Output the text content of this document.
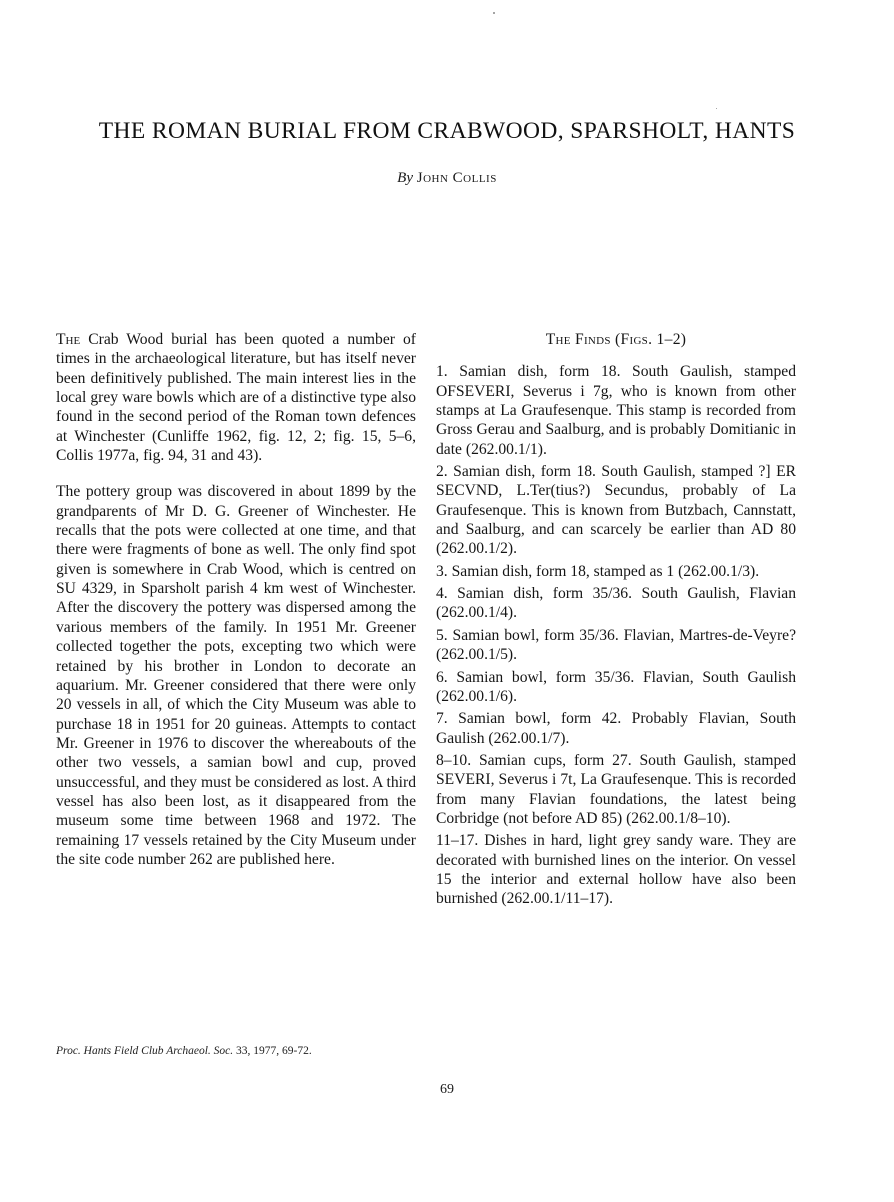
THE ROMAN BURIAL FROM CRABWOOD, SPARSHOLT, HANTS
By John Collis

The Crab Wood burial has been quoted a number of times in the archaeological literature, but has itself never been definitively published. The main interest lies in the local grey ware bowls which are of a distinctive type also found in the second period of the Roman town defences at Winchester (Cunliffe 1962, fig. 12, 2; fig. 15, 5–6, Collis 1977a, fig. 94, 31 and 43).

The pottery group was discovered in about 1899 by the grandparents of Mr D. G. Greener of Winchester. He recalls that the pots were collected at one time, and that there were fragments of bone as well. The only find spot given is somewhere in Crab Wood, which is centred on SU 4329, in Sparsholt parish 4 km west of Winchester. After the discovery the pottery was dispersed among the various members of the family. In 1951 Mr. Greener collected together the pots, excepting two which were retained by his brother in London to decorate an aquarium. Mr. Greener considered that there were only 20 vessels in all, of which the City Museum was able to purchase 18 in 1951 for 20 guineas. Attempts to contact Mr. Greener in 1976 to discover the whereabouts of the other two vessels, a samian bowl and cup, proved unsuccessful, and they must be considered as lost. A third vessel has also been lost, as it disappeared from the museum some time between 1968 and 1972. The remaining 17 vessels retained by the City Museum under the site code number 262 are published here.

The Finds (Figs. 1–2)
1. Samian dish, form 18. South Gaulish, stamped OFSEVERI, Severus i 7g, who is known from other stamps at La Graufesenque. This stamp is recorded from Gross Gerau and Saalburg, and is probably Domitianic in date (262.00.1/1).
2. Samian dish, form 18. South Gaulish, stamped ?] ER SECVND, L.Ter(tius?) Secundus, probably of La Graufesenque. This is known from Butzbach, Cannstatt, and Saalburg, and can scarcely be earlier than AD 80 (262.00.1/2).
3. Samian dish, form 18, stamped as 1 (262.00.1/3).
4. Samian dish, form 35/36. South Gaulish, Flavian (262.00.1/4).
5. Samian bowl, form 35/36. Flavian, Martres-de-Veyre? (262.00.1/5).
6. Samian bowl, form 35/36. Flavian, South Gaulish (262.00.1/6).
7. Samian bowl, form 42. Probably Flavian, South Gaulish (262.00.1/7).
8–10. Samian cups, form 27. South Gaulish, stamped SEVERI, Severus i 7t, La Graufesenque. This is recorded from many Flavian foundations, the latest being Corbridge (not before AD 85) (262.00.1/8–10).
11–17. Dishes in hard, light grey sandy ware. They are decorated with burnished lines on the interior. On vessel 15 the interior and external hollow have also been burnished (262.00.1/11–17).
Proc. Hants Field Club Archaeol. Soc. 33, 1977, 69-72.
69
